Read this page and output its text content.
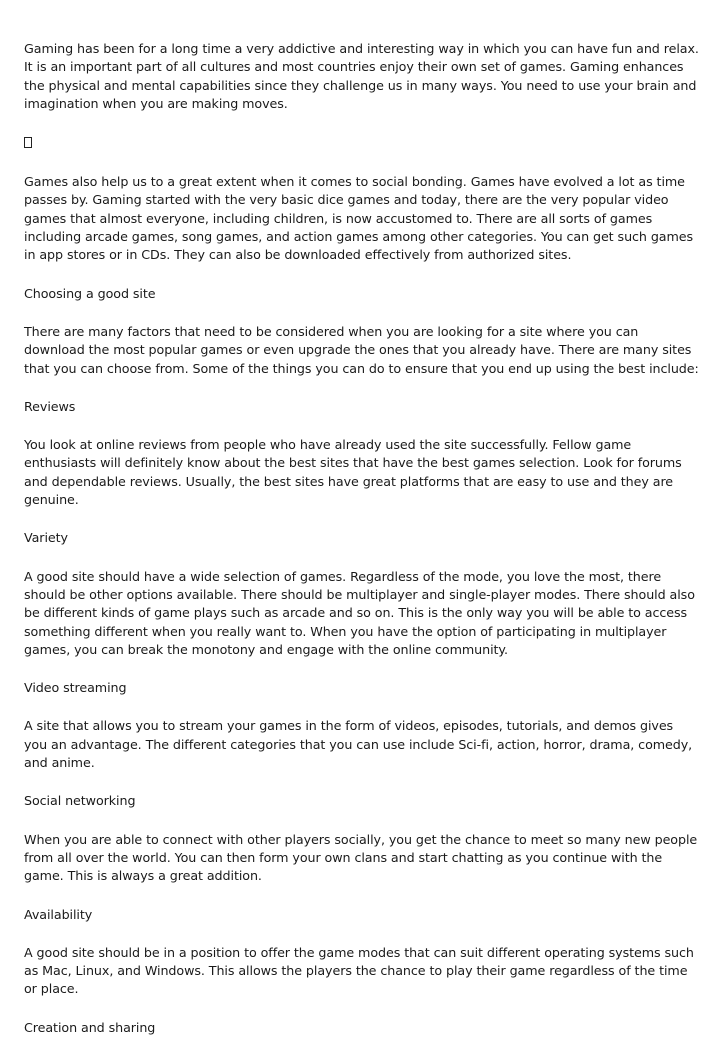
Gaming has been for a long time a very addictive and interesting way in which you can have fun and relax. It is an important part of all cultures and most countries enjoy their own set of games. Gaming enhances the physical and mental capabilities since they challenge us in many ways. You need to use your brain and imagination when you are making moves.

Games also help us to a great extent when it comes to social bonding. Games have evolved a lot as time passes by. Gaming started with the very basic dice games and today, there are the very popular video games that almost everyone, including children, is now accustomed to. There are all sorts of games including arcade games, song games, and action games among other categories. You can get such games in app stores or in CDs. They can also be downloaded effectively from authorized sites.

Choosing a good site

There are many factors that need to be considered when you are looking for a site where you can download the most popular games or even upgrade the ones that you already have. There are many sites that you can choose from. Some of the things you can do to ensure that you end up using the best include:

Reviews

You look at online reviews from people who have already used the site successfully. Fellow game enthusiasts will definitely know about the best sites that have the best games selection. Look for forums and dependable reviews. Usually, the best sites have great platforms that are easy to use and they are genuine.

Variety

A good site should have a wide selection of games. Regardless of the mode, you love the most, there should be other options available. There should be multiplayer and single-player modes. There should also be different kinds of game plays such as arcade and so on. This is the only way you will be able to access something different when you really want to. When you have the option of participating in multiplayer games, you can break the monotony and engage with the online community.

Video streaming

A site that allows you to stream your games in the form of videos, episodes, tutorials, and demos gives you an advantage. The different categories that you can use include Sci-fi, action, horror, drama, comedy, and anime.

Social networking

When you are able to connect with other players socially, you get the chance to meet so many new people from all over the world. You can then form your own clans and start chatting as you continue with the game. This is always a great addition.

Availability

A good site should be in a position to offer the game modes that can suit different operating systems such as Mac, Linux, and Windows. This allows the players the chance to play their game regardless of the time or place.

Creation and sharing
